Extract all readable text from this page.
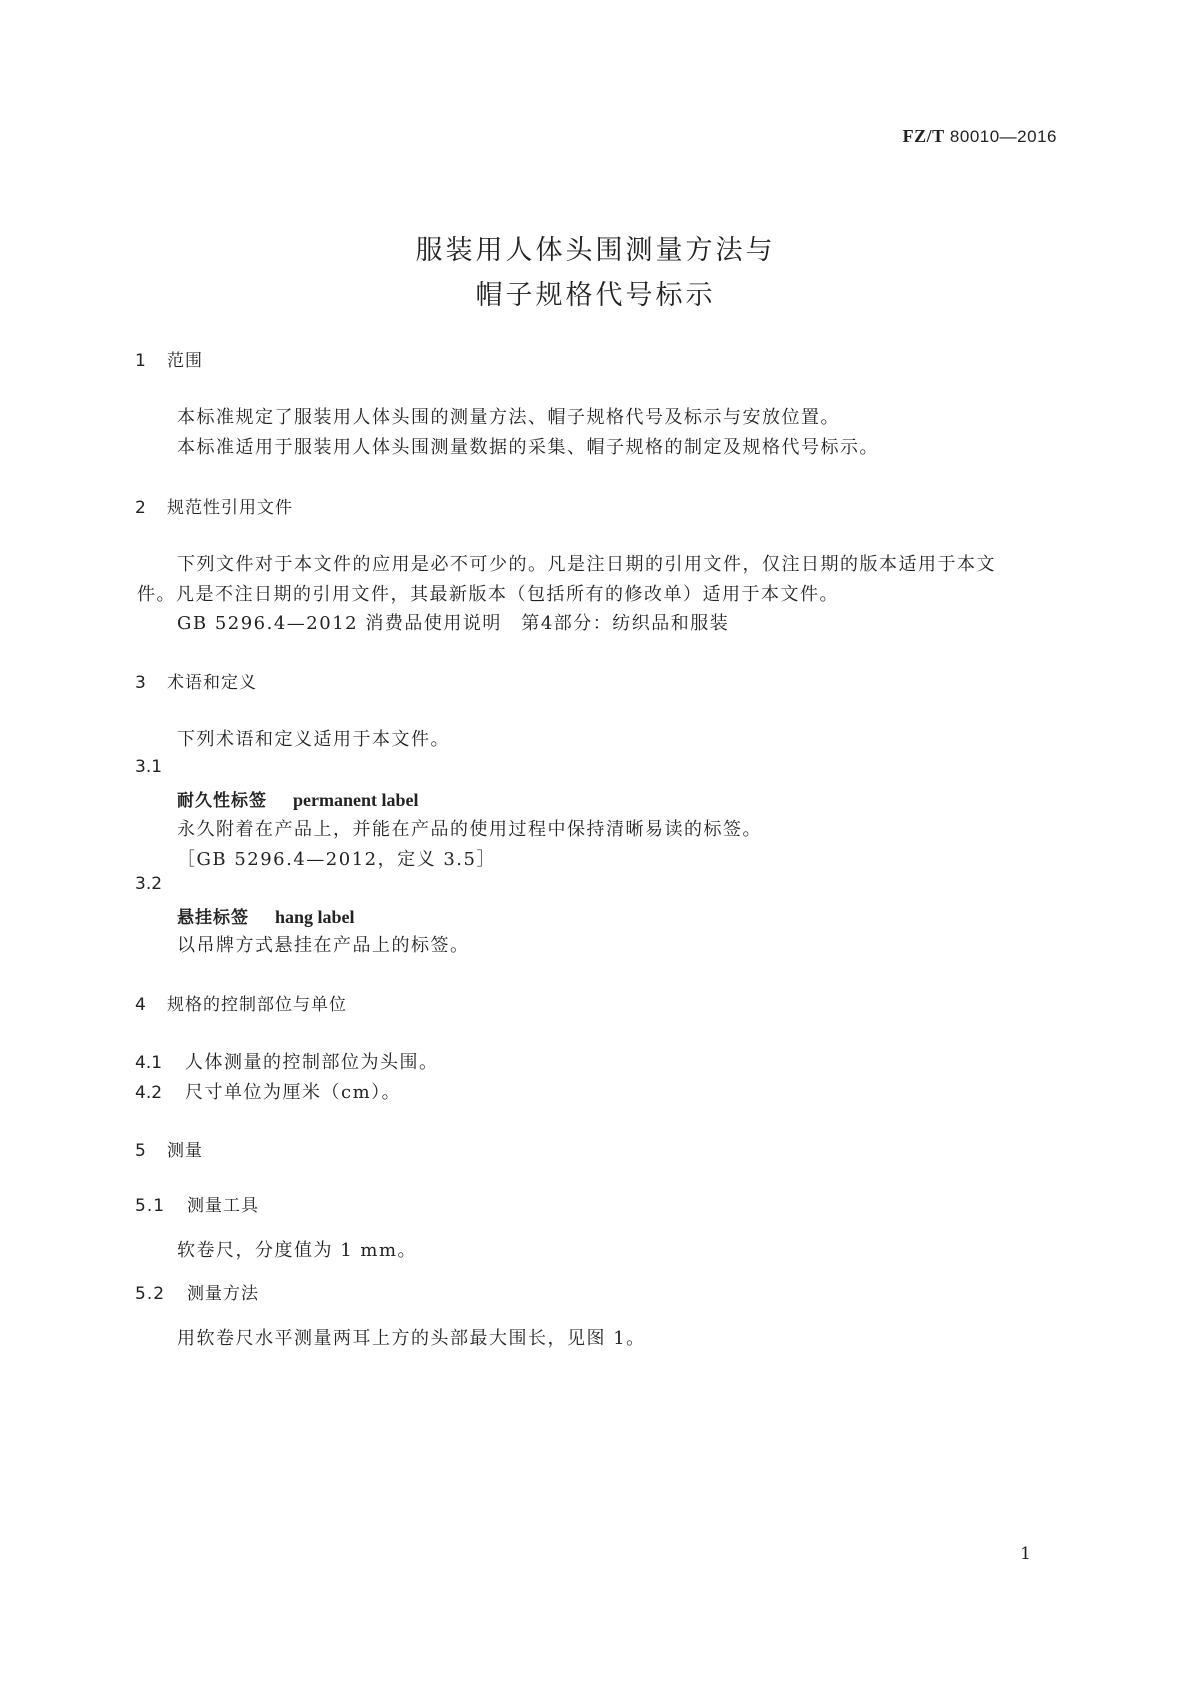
FZ/T 80010—2016
服装用人体头围测量方法与
帽子规格代号标示
1 范围
本标准规定了服装用人体头围的测量方法、帽子规格代号及标示与安放位置。
本标准适用于服装用人体头围测量数据的采集、帽子规格的制定及规格代号标示。
2 规范性引用文件
下列文件对于本文件的应用是必不可少的。凡是注日期的引用文件，仅注日期的版本适用于本文
件。凡是不注日期的引用文件，其最新版本（包括所有的修改单）适用于本文件。
GB 5296.4—2012 消费品使用说明　第4部分：纺织品和服装
3 术语和定义
下列术语和定义适用于本文件。
3.1
耐久性标签 permanent label
永久附着在产品上，并能在产品的使用过程中保持清晰易读的标签。
［GB 5296.4—2012，定义 3.5］
3.2
悬挂标签 hang label
以吊牌方式悬挂在产品上的标签。
4 规格的控制部位与单位
4.1 人体测量的控制部位为头围。
4.2 尺寸单位为厘米（cm）。
5 测量
5.1 测量工具
软卷尺，分度值为 1 mm。
5.2 测量方法
用软卷尺水平测量两耳上方的头部最大围长，见图 1。
1
